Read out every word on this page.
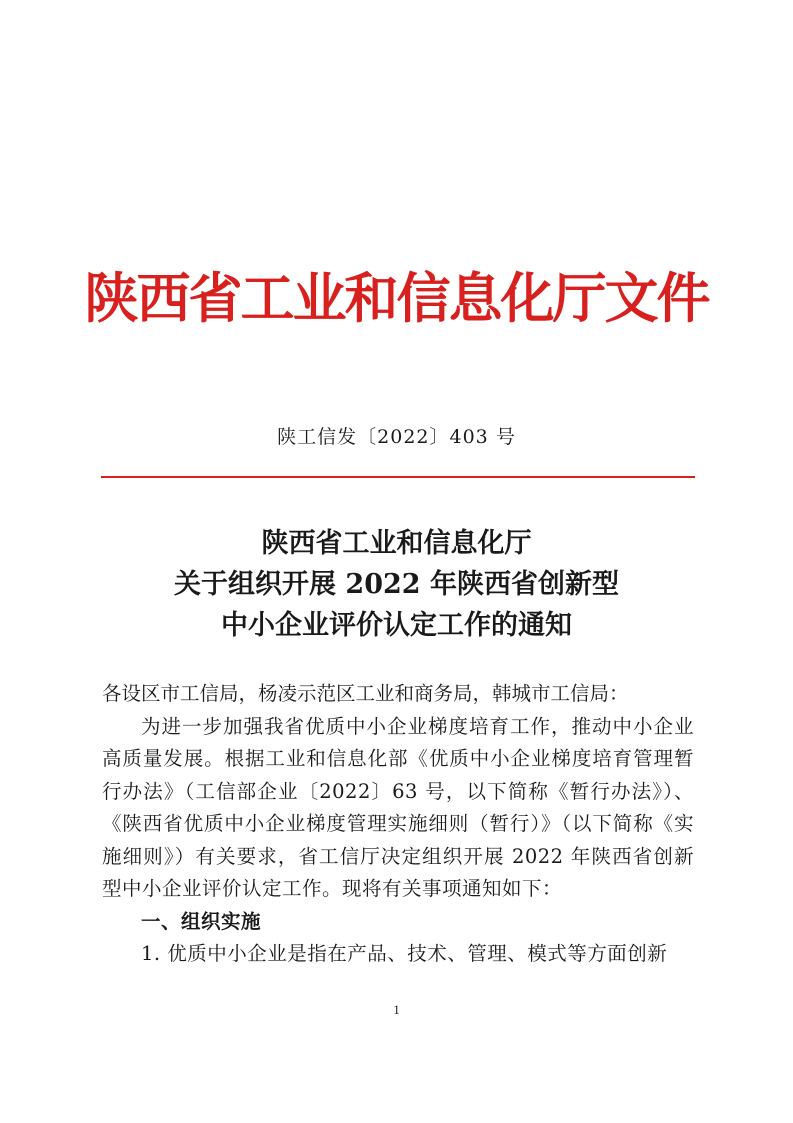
陕西省工业和信息化厅文件
陕工信发〔2022〕403 号
陕西省工业和信息化厅
关于组织开展 2022 年陕西省创新型
中小企业评价认定工作的通知

各设区市工信局，杨凌示范区工业和商务局，韩城市工信局：

为进一步加强我省优质中小企业梯度培育工作，推动中小企业高质量发展。根据工业和信息化部《优质中小企业梯度培育管理暂行办法》（工信部企业〔2022〕63 号，以下简称《暂行办法》）、《陕西省优质中小企业梯度管理实施细则（暂行）》（以下简称《实施细则》）有关要求，省工信厅决定组织开展 2022 年陕西省创新型中小企业评价认定工作。现将有关事项通知如下：

一、组织实施

1. 优质中小企业是指在产品、技术、管理、模式等方面创新

1
